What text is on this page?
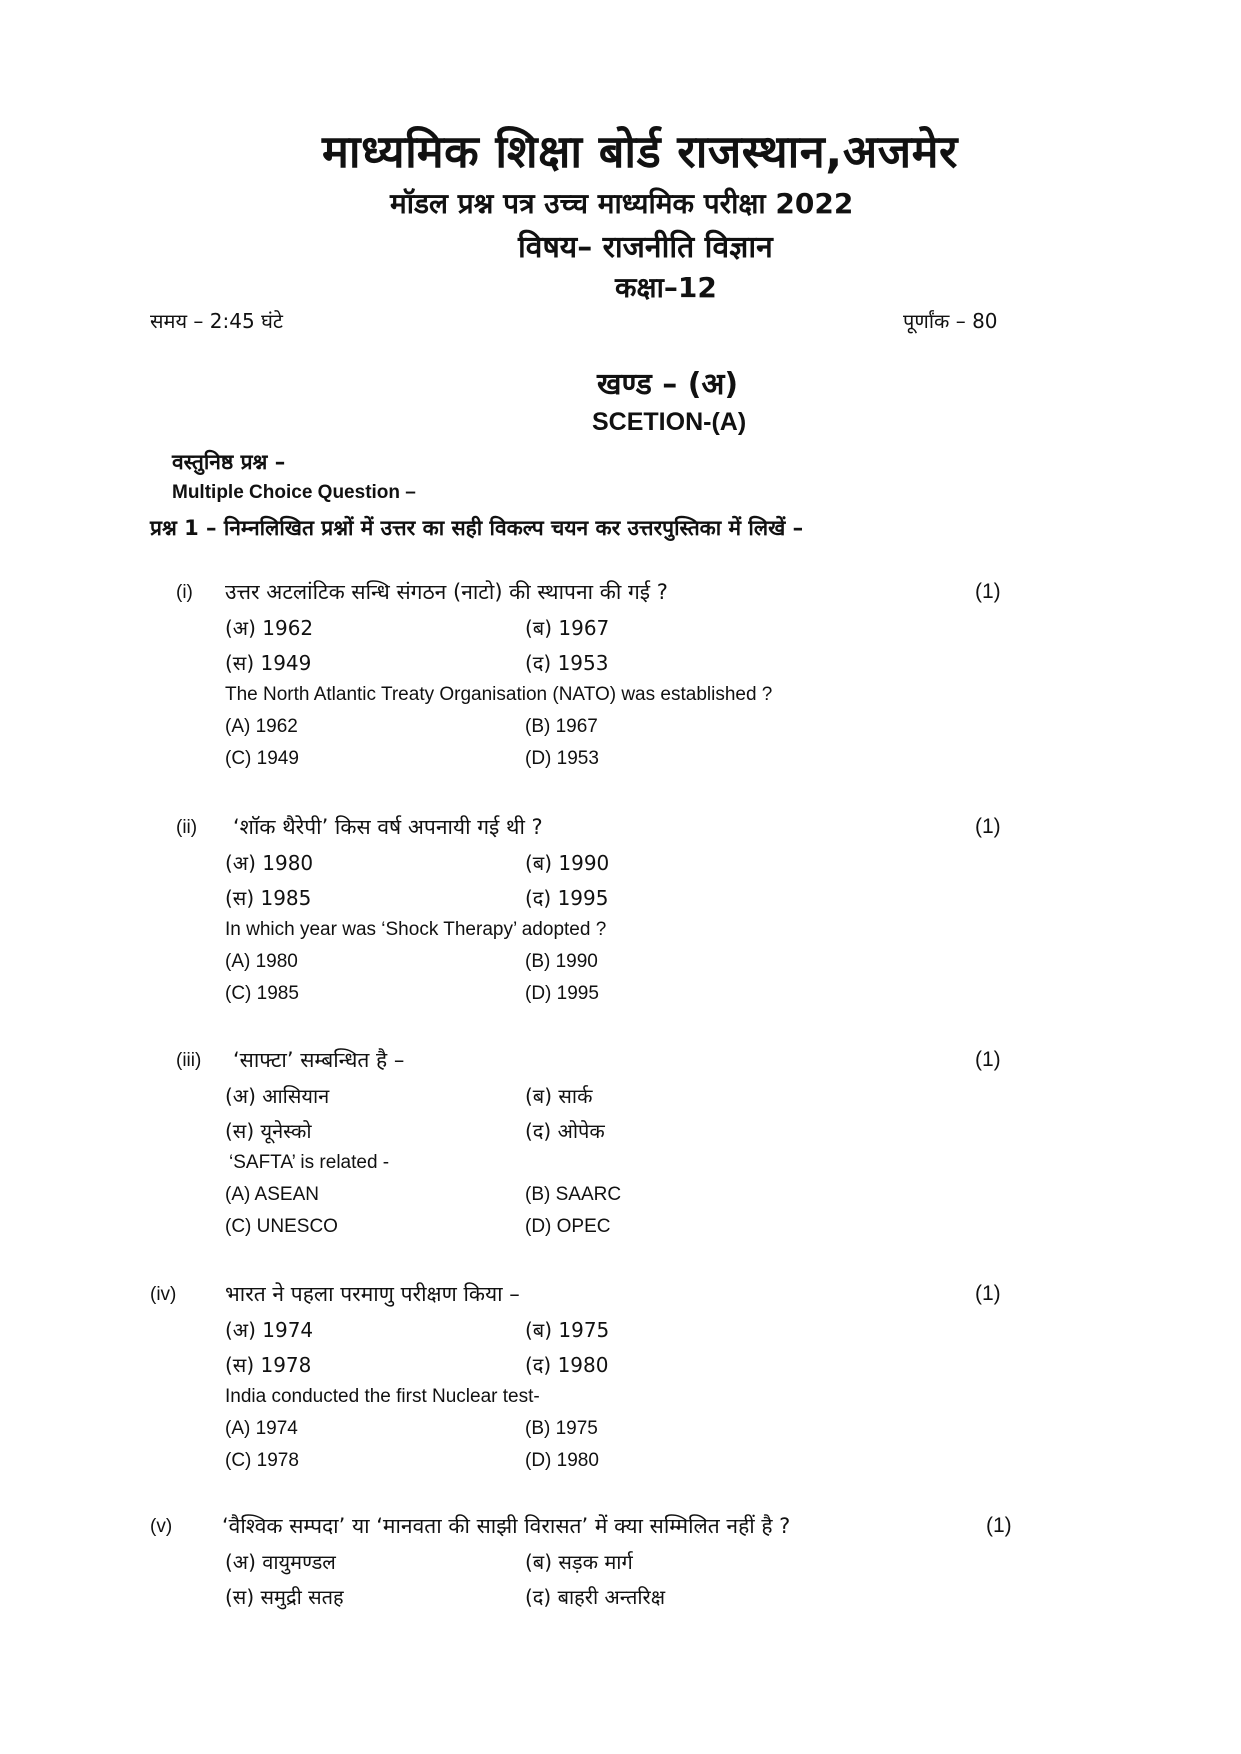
माध्यमिक शिक्षा बोर्ड राजस्थान,अजमेर
मॉडल प्रश्न पत्र उच्च माध्यमिक परीक्षा 2022
विषय– राजनीति विज्ञान
कक्षा–12
समय – 2:45 घंटे	पूर्णांक – 80
खण्ड – (अ)
SCETION-(A)
वस्तुनिष्ठ प्रश्न –
Multiple Choice Question –
प्रश्न 1 – निम्नलिखित प्रश्नों में उत्तर का सही विकल्प चयन कर उत्तरपुस्तिका में लिखें –
(i) उत्तर अटलांटिक सन्धि संगठन (नाटो) की स्थापना की गई ?	(1)
(अ) 1962	(ब) 1967
(स) 1949	(द) 1953
The North Atlantic Treaty Organisation (NATO) was established ?
(A) 1962	(B) 1967
(C) 1949	(D) 1953
(ii) ‘शॉक थैरेपी’ किस वर्ष अपनायी गई थी ?	(1)
(अ) 1980	(ब) 1990
(स) 1985	(द) 1995
In which year was ‘Shock Therapy’ adopted ?
(A) 1980	(B) 1990
(C) 1985	(D) 1995
(iii) ‘साफ्टा’ सम्बन्धित है –	(1)
(अ) आसियान	(ब) सार्क
(स) यूनेस्को	(द) ओपेक
‘SAFTA’ is related -
(A) ASEAN	(B) SAARC
(C) UNESCO	(D) OPEC
(iv) भारत ने पहला परमाणु परीक्षण किया –	(1)
(अ) 1974	(ब) 1975
(स) 1978	(द) 1980
India conducted the first Nuclear test-
(A) 1974	(B) 1975
(C) 1978	(D) 1980
(v) ‘वैश्विक सम्पदा’ या ‘मानवता की साझी विरासत’ में क्या सम्मिलित नहीं है ?	(1)
(अ) वायुमण्डल	(ब) सड़क मार्ग
(स) समुद्री सतह	(द) बाहरी अन्तरिक्ष
